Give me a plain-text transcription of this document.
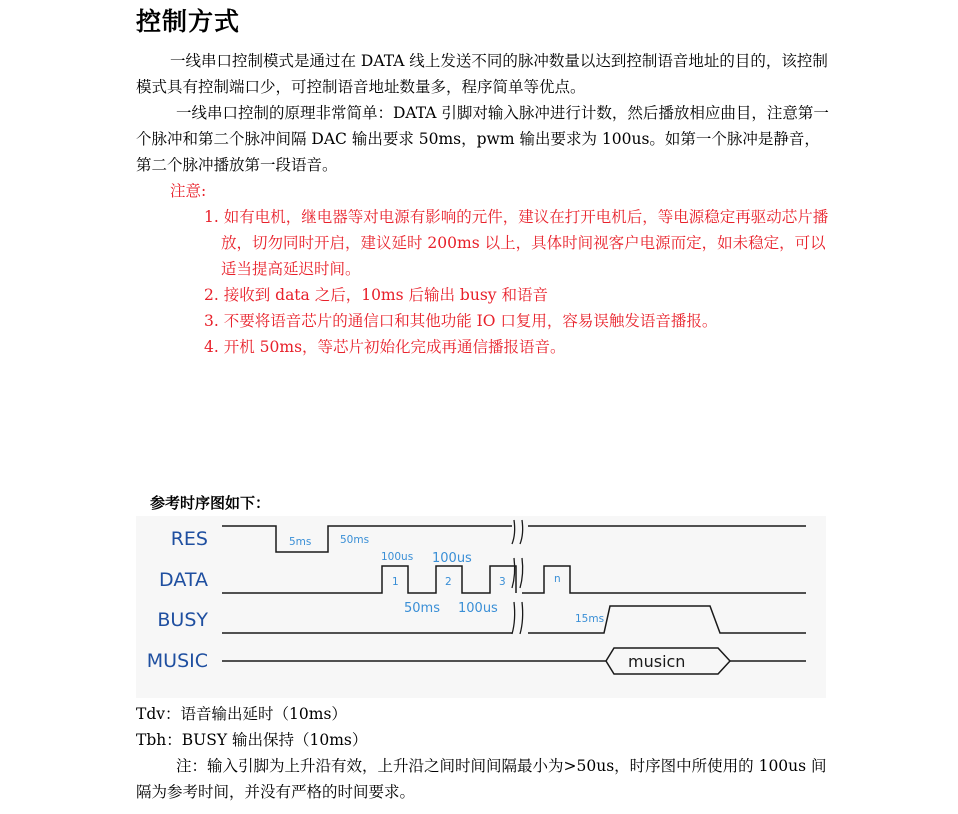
控制方式

一线串口控制模式是通过在 DATA 线上发送不同的脉冲数量以达到控制语音地址的目的，该控制模式具有控制端口少，可控制语音地址数量多，程序简单等优点。

一线串口控制的原理非常简单：DATA 引脚对输入脉冲进行计数，然后播放相应曲目，注意第一个脉冲和第二个脉冲间隔 DAC 输出要求 50ms，pwm 输出要求为 100us。如第一个脉冲是静音，第二个脉冲播放第一段语音。

注意:

1. 如有电机，继电器等对电源有影响的元件，建议在打开电机后，等电源稳定再驱动芯片播放，切勿同时开启，建议延时 200ms 以上，具体时间视客户电源而定，如未稳定，可以适当提高延迟时间。
2. 接收到 data 之后，10ms 后输出 busy 和语音
3. 不要将语音芯片的通信口和其他功能 IO 口复用，容易误触发语音播报。
4. 开机 50ms，等芯片初始化完成再通信播报语音。

参考时序图如下：

RES
DATA
BUSY
MUSIC
5ms	50ms
100us 100us
1	2	3	n
50ms 100us
15ms
musicn

Tdv：语音输出延时（10ms）

Tbh：BUSY 输出保持（10ms）

注：输入引脚为上升沿有效，上升沿之间时间间隔最小为>50us，时序图中所使用的 100us 间隔为参考时间，并没有严格的时间要求。
